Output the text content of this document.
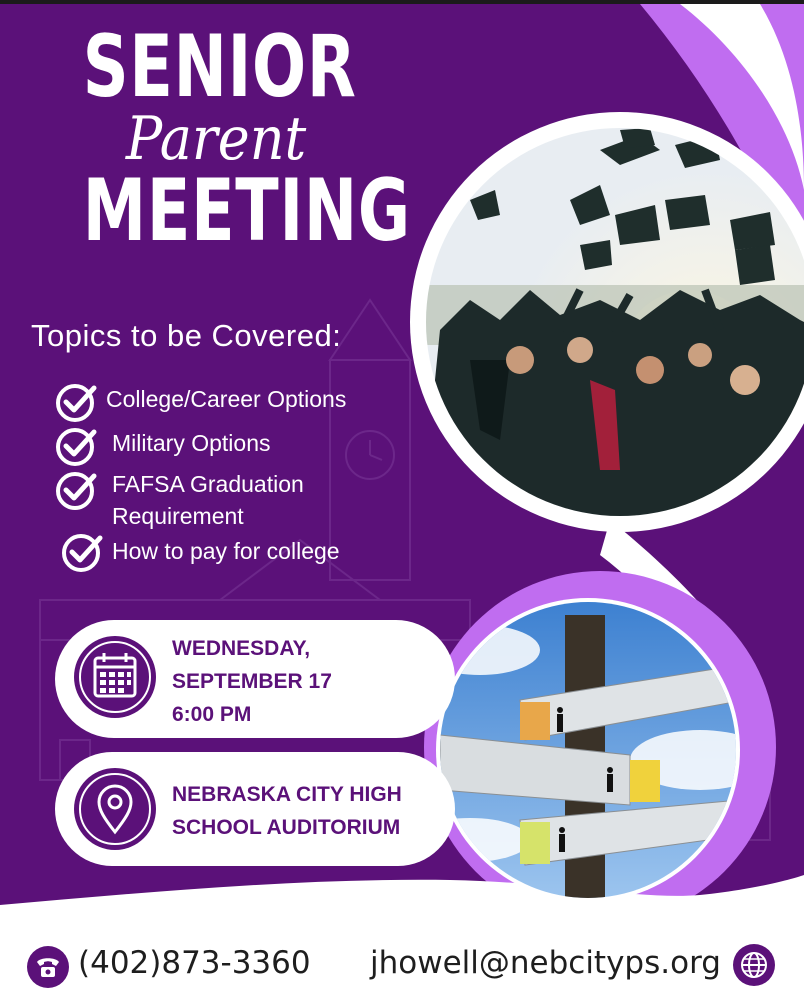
SENIOR
Parent
MEETING
Topics to be Covered:
College/Career Options
Military Options
FAFSA Graduation
Requirement
How to pay for college
WEDNESDAY,
SEPTEMBER 17
6:00 PM
NEBRASKA CITY HIGH
SCHOOL AUDITORIUM
(402)873-3360 jhowell@nebcityps.org
